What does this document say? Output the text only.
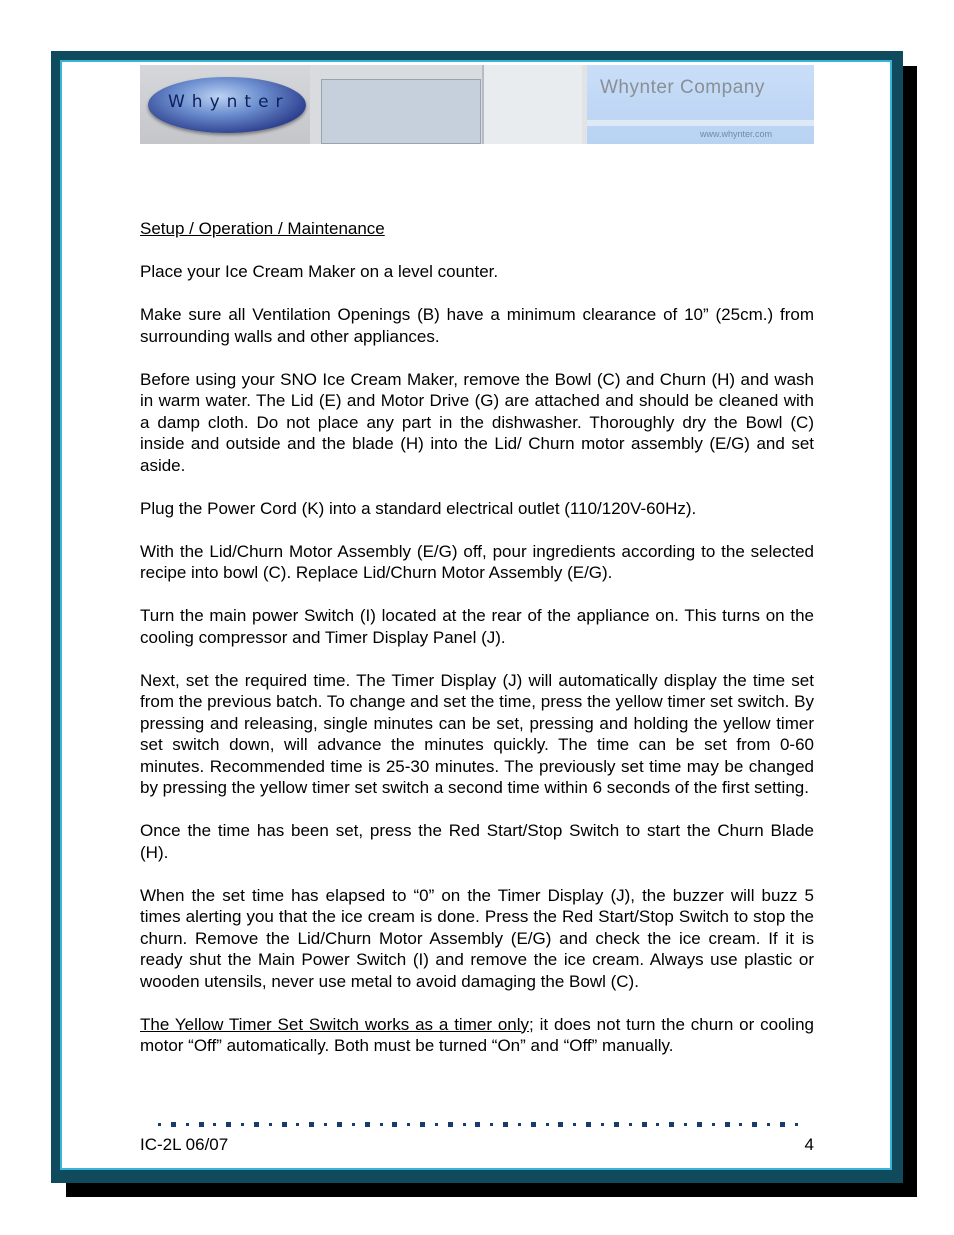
Whynter
Whynter Company
www.whynter.com

Setup / Operation / Maintenance

Place your Ice Cream Maker on a level counter.

Make sure all Ventilation Openings (B) have a minimum clearance of 10” (25cm.) from surrounding walls and other appliances.

Before using your SNO Ice Cream Maker, remove the Bowl (C) and Churn (H) and wash in warm water. The Lid (E) and Motor Drive (G) are attached and should be cleaned with a damp cloth. Do not place any part in the dishwasher. Thoroughly dry the Bowl (C) inside and outside and the blade (H) into the Lid/ Churn motor assembly (E/G) and set aside.

Plug the Power Cord (K) into a standard electrical outlet (110/120V-60Hz).

With the Lid/Churn Motor Assembly (E/G) off, pour ingredients according to the selected recipe into bowl (C). Replace Lid/Churn Motor Assembly (E/G).

Turn the main power Switch (I) located at the rear of the appliance on. This turns on the cooling compressor and Timer Display Panel (J).

Next, set the required time. The Timer Display (J) will automatically display the time set from the previous batch. To change and set the time, press the yellow timer set switch. By pressing and releasing, single minutes can be set, pressing and holding the yellow timer set switch down, will advance the minutes quickly. The time can be set from 0-60 minutes. Recommended time is 25-30 minutes. The previously set time may be changed by pressing the yellow timer set switch a second time within 6 seconds of the first setting.

Once the time has been set, press the Red Start/Stop Switch to start the Churn Blade (H).

When the set time has elapsed to “0” on the Timer Display (J), the buzzer will buzz 5 times alerting you that the ice cream is done. Press the Red Start/Stop Switch to stop the churn. Remove the Lid/Churn Motor Assembly (E/G) and check the ice cream. If it is ready shut the Main Power Switch (I) and remove the ice cream. Always use plastic or wooden utensils, never use metal to avoid damaging the Bowl (C).

The Yellow Timer Set Switch works as a timer only; it does not turn the churn or cooling motor “Off” automatically. Both must be turned “On” and “Off” manually.

IC-2L 06/07	4
